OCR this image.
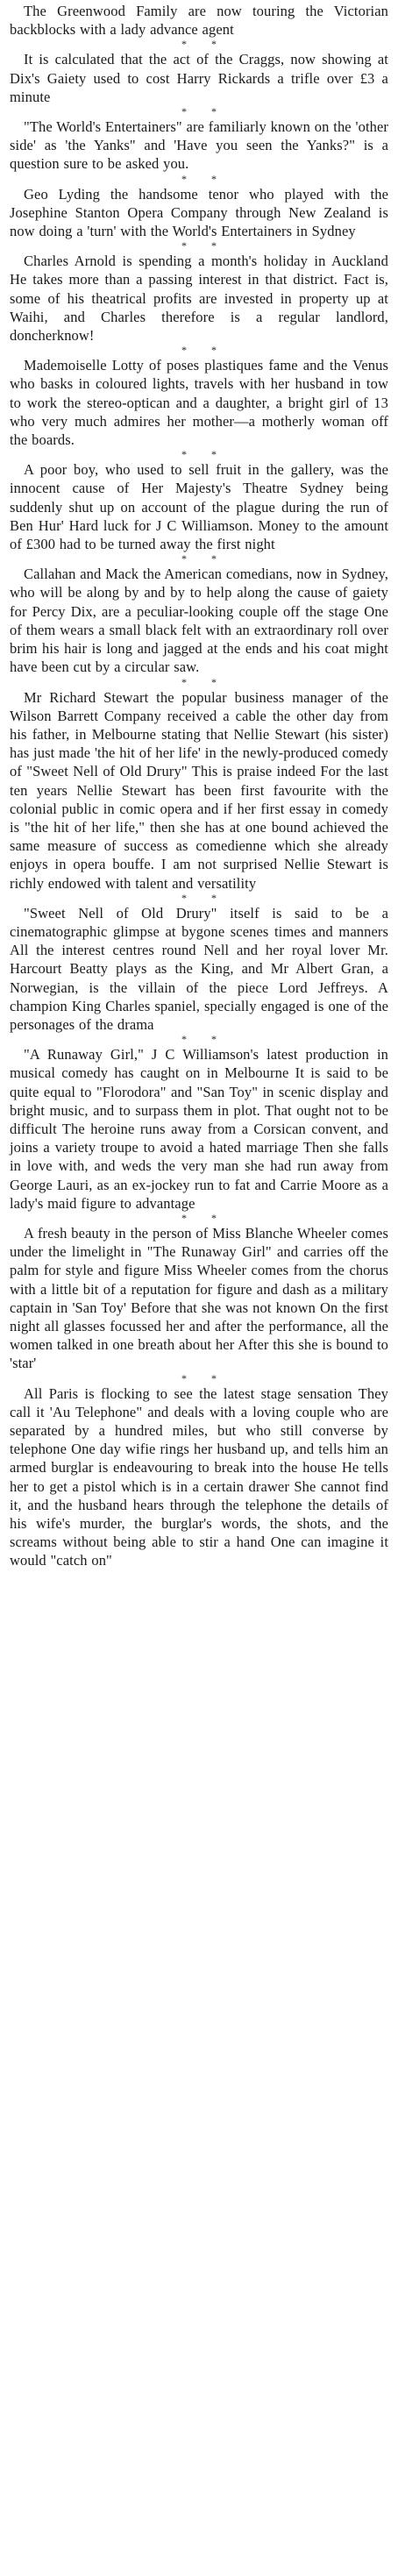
The Greenwood Family are now touring the Victorian backblocks with a lady advance agent

* *

It is calculated that the act of the Craggs, now showing at Dix's Gaiety used to cost Harry Rickards a trifle over £3 a minute

* *

"The World's Entertainers" are familiarly known on the 'other side' as 'the Yanks" and 'Have you seen the Yanks?" is a question sure to be asked you.

* *

Geo Lyding the handsome tenor who played with the Josephine Stanton Opera Company through New Zealand is now doing a 'turn' with the World's Entertainers in Sydney

* *

Charles Arnold is spending a month's holiday in Auckland He takes more than a passing interest in that district. Fact is, some of his theatrical profits are invested in property up at Waihi, and Charles therefore is a regular landlord, doncherknow!

* *

Mademoiselle Lotty of poses plastiques fame and the Venus who basks in coloured lights, travels with her husband in tow to work the stereo-optican and a daughter, a bright girl of 13 who very much admires her mother—a motherly woman off the boards.

* *

A poor boy, who used to sell fruit in the gallery, was the innocent cause of Her Majesty's Theatre Sydney being suddenly shut up on account of the plague during the run of Ben Hur' Hard luck for J C Williamson. Money to the amount of £300 had to be turned away the first night

* *

Callahan and Mack the American comedians, now in Sydney, who will be along by and by to help along the cause of gaiety for Percy Dix, are a peculiar-looking couple off the stage One of them wears a small black felt with an extraordinary roll over brim his hair is long and jagged at the ends and his coat might have been cut by a circular saw.

* *

Mr Richard Stewart the popular business manager of the Wilson Barrett Company received a cable the other day from his father, in Melbourne stating that Nellie Stewart (his sister) has just made 'the hit of her life' in the newly-produced comedy of "Sweet Nell of Old Drury" This is praise indeed For the last ten years Nellie Stewart has been first favourite with the colonial public in comic opera and if her first essay in comedy is "the hit of her life," then she has at one bound achieved the same measure of success as comedienne which she already enjoys in opera bouffe. I am not surprised Nellie Stewart is richly endowed with talent and versatility

* *

"Sweet Nell of Old Drury" itself is said to be a cinematographic glimpse at bygone scenes times and manners All the interest centres round Nell and her royal lover Mr. Harcourt Beatty plays as the King, and Mr Albert Gran, a Norwegian, is the villain of the piece Lord Jeffreys. A champion King Charles spaniel, specially engaged is one of the personages of the drama

* *

"A Runaway Girl," J C Williamson's latest production in musical comedy has caught on in Melbourne It is said to be quite equal to "Florodora" and "San Toy" in scenic display and bright music, and to surpass them in plot. That ought not to be difficult The heroine runs away from a Corsican convent, and joins a variety troupe to avoid a hated marriage Then she falls in love with, and weds the very man she had run away from George Lauri, as an ex-jockey run to fat and Carrie Moore as a lady's maid figure to advantage

* *

A fresh beauty in the person of Miss Blanche Wheeler comes under the limelight in "The Runaway Girl" and carries off the palm for style and figure Miss Wheeler comes from the chorus with a little bit of a reputation for figure and dash as a military captain in 'San Toy' Before that she was not known On the first night all glasses focussed her and after the performance, all the women talked in one breath about her After this she is bound to 'star'

* *

All Paris is flocking to see the latest stage sensation They call it 'Au Telephone" and deals with a loving couple who are separated by a hundred miles, but who still converse by telephone One day wifie rings her husband up, and tells him an armed burglar is endeavouring to break into the house He tells her to get a pistol which is in a certain drawer She cannot find it, and the husband hears through the telephone the details of his wife's murder, the burglar's words, the shots, and the screams without being able to stir a hand One can imagine it would "catch on"
